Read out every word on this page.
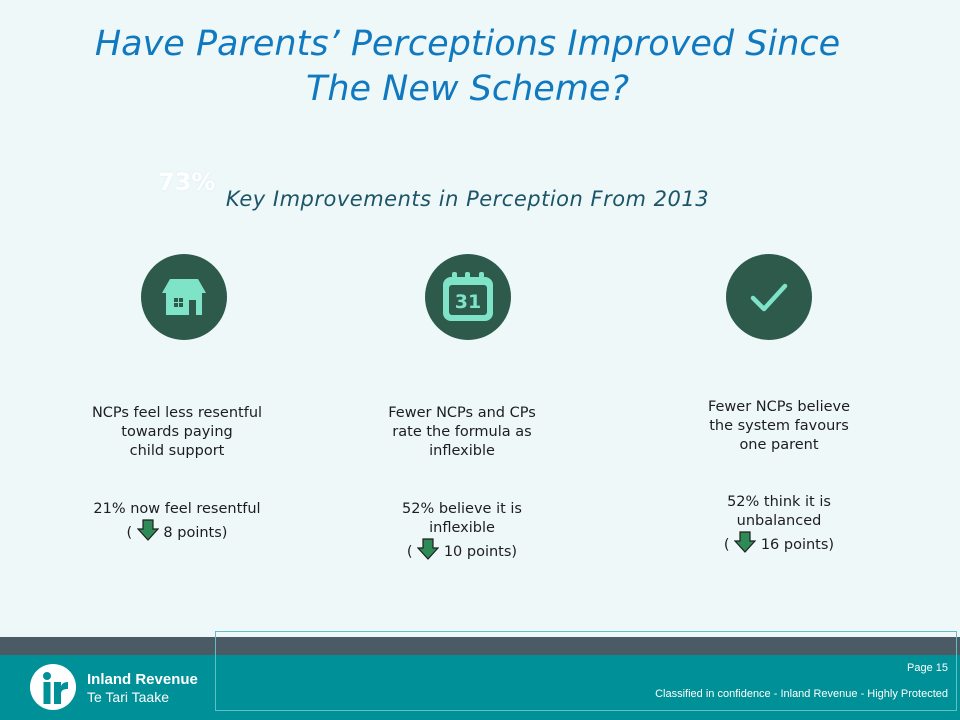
Have Parents’ Perceptions Improved Since
The New Scheme?
73%
Key Improvements in Perception From 2013

NCPs feel less resentful

towards paying

child support

21% now feel resentful
( 8 points)
31

Fewer NCPs and CPs

rate the formula as

inflexible

52% believe it is
inflexible
( 10 points)

Fewer NCPs believe

the system favours

one parent

52% think it is
unbalanced
( 16 points)
Inland Revenue
Te Tari Taake
Page 15
Classified in confidence - Inland Revenue - Highly Protected
